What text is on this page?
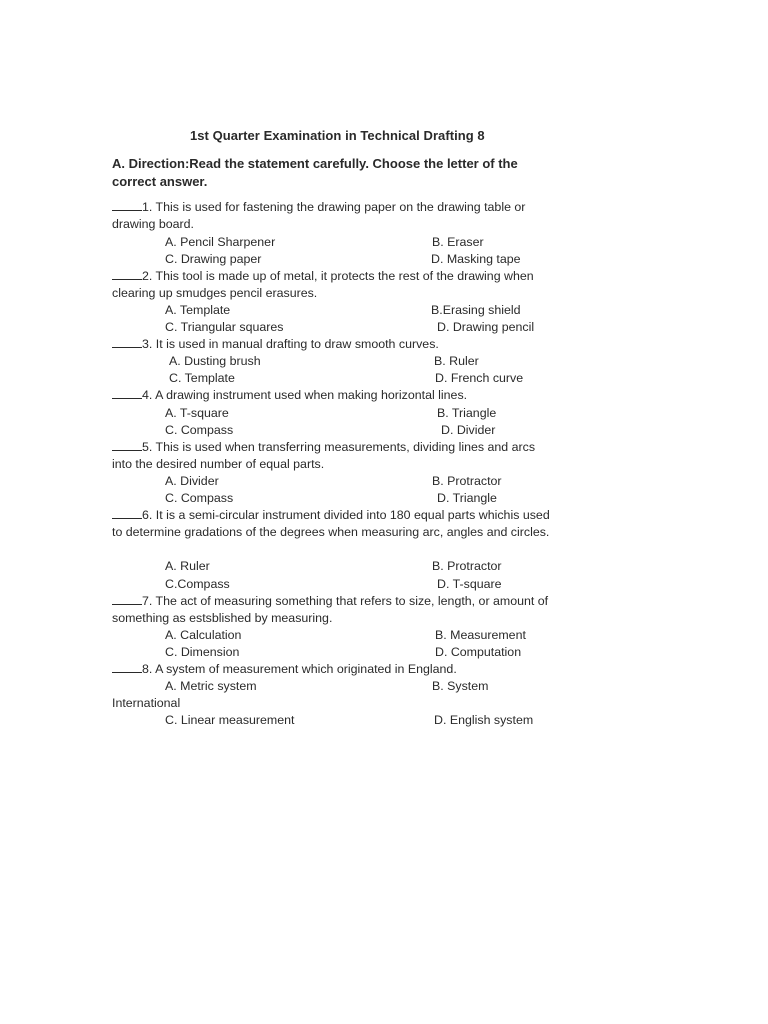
1st Quarter Examination in Technical Drafting 8
A. Direction:Read the statement carefully. Choose the letter of the correct answer.
1. This is used for fastening the drawing paper on the drawing table or drawing board.
A. Pencil Sharpener	B. Eraser
C. Drawing paper	D. Masking tape
2. This tool is made up of metal, it protects the rest of the drawing when clearing up smudges pencil erasures.
A. Template	B.Erasing shield
C. Triangular squares	D. Drawing pencil
3. It is used in manual drafting to draw smooth curves.
A. Dusting brush	B. Ruler
C. Template	D. French curve
4. A drawing instrument used when making horizontal lines.
A. T-square	B. Triangle
C. Compass	D. Divider
5. This is used when transferring measurements, dividing lines and arcs into the desired number of equal parts.
A. Divider	B. Protractor
C. Compass	D. Triangle
6. It is a semi-circular instrument divided into 180 equal parts whichis used to determine gradations of the degrees when measuring arc, angles and circles.
A. Ruler	B. Protractor
C.Compass	D. T-square
7. The act of measuring something that refers to size, length, or amount of something as estsblished by measuring.
A. Calculation	B. Measurement
C. Dimension	D. Computation
8. A system of measurement which originated in England.
A. Metric system	B. System
International
C. Linear measurement	D. English system
